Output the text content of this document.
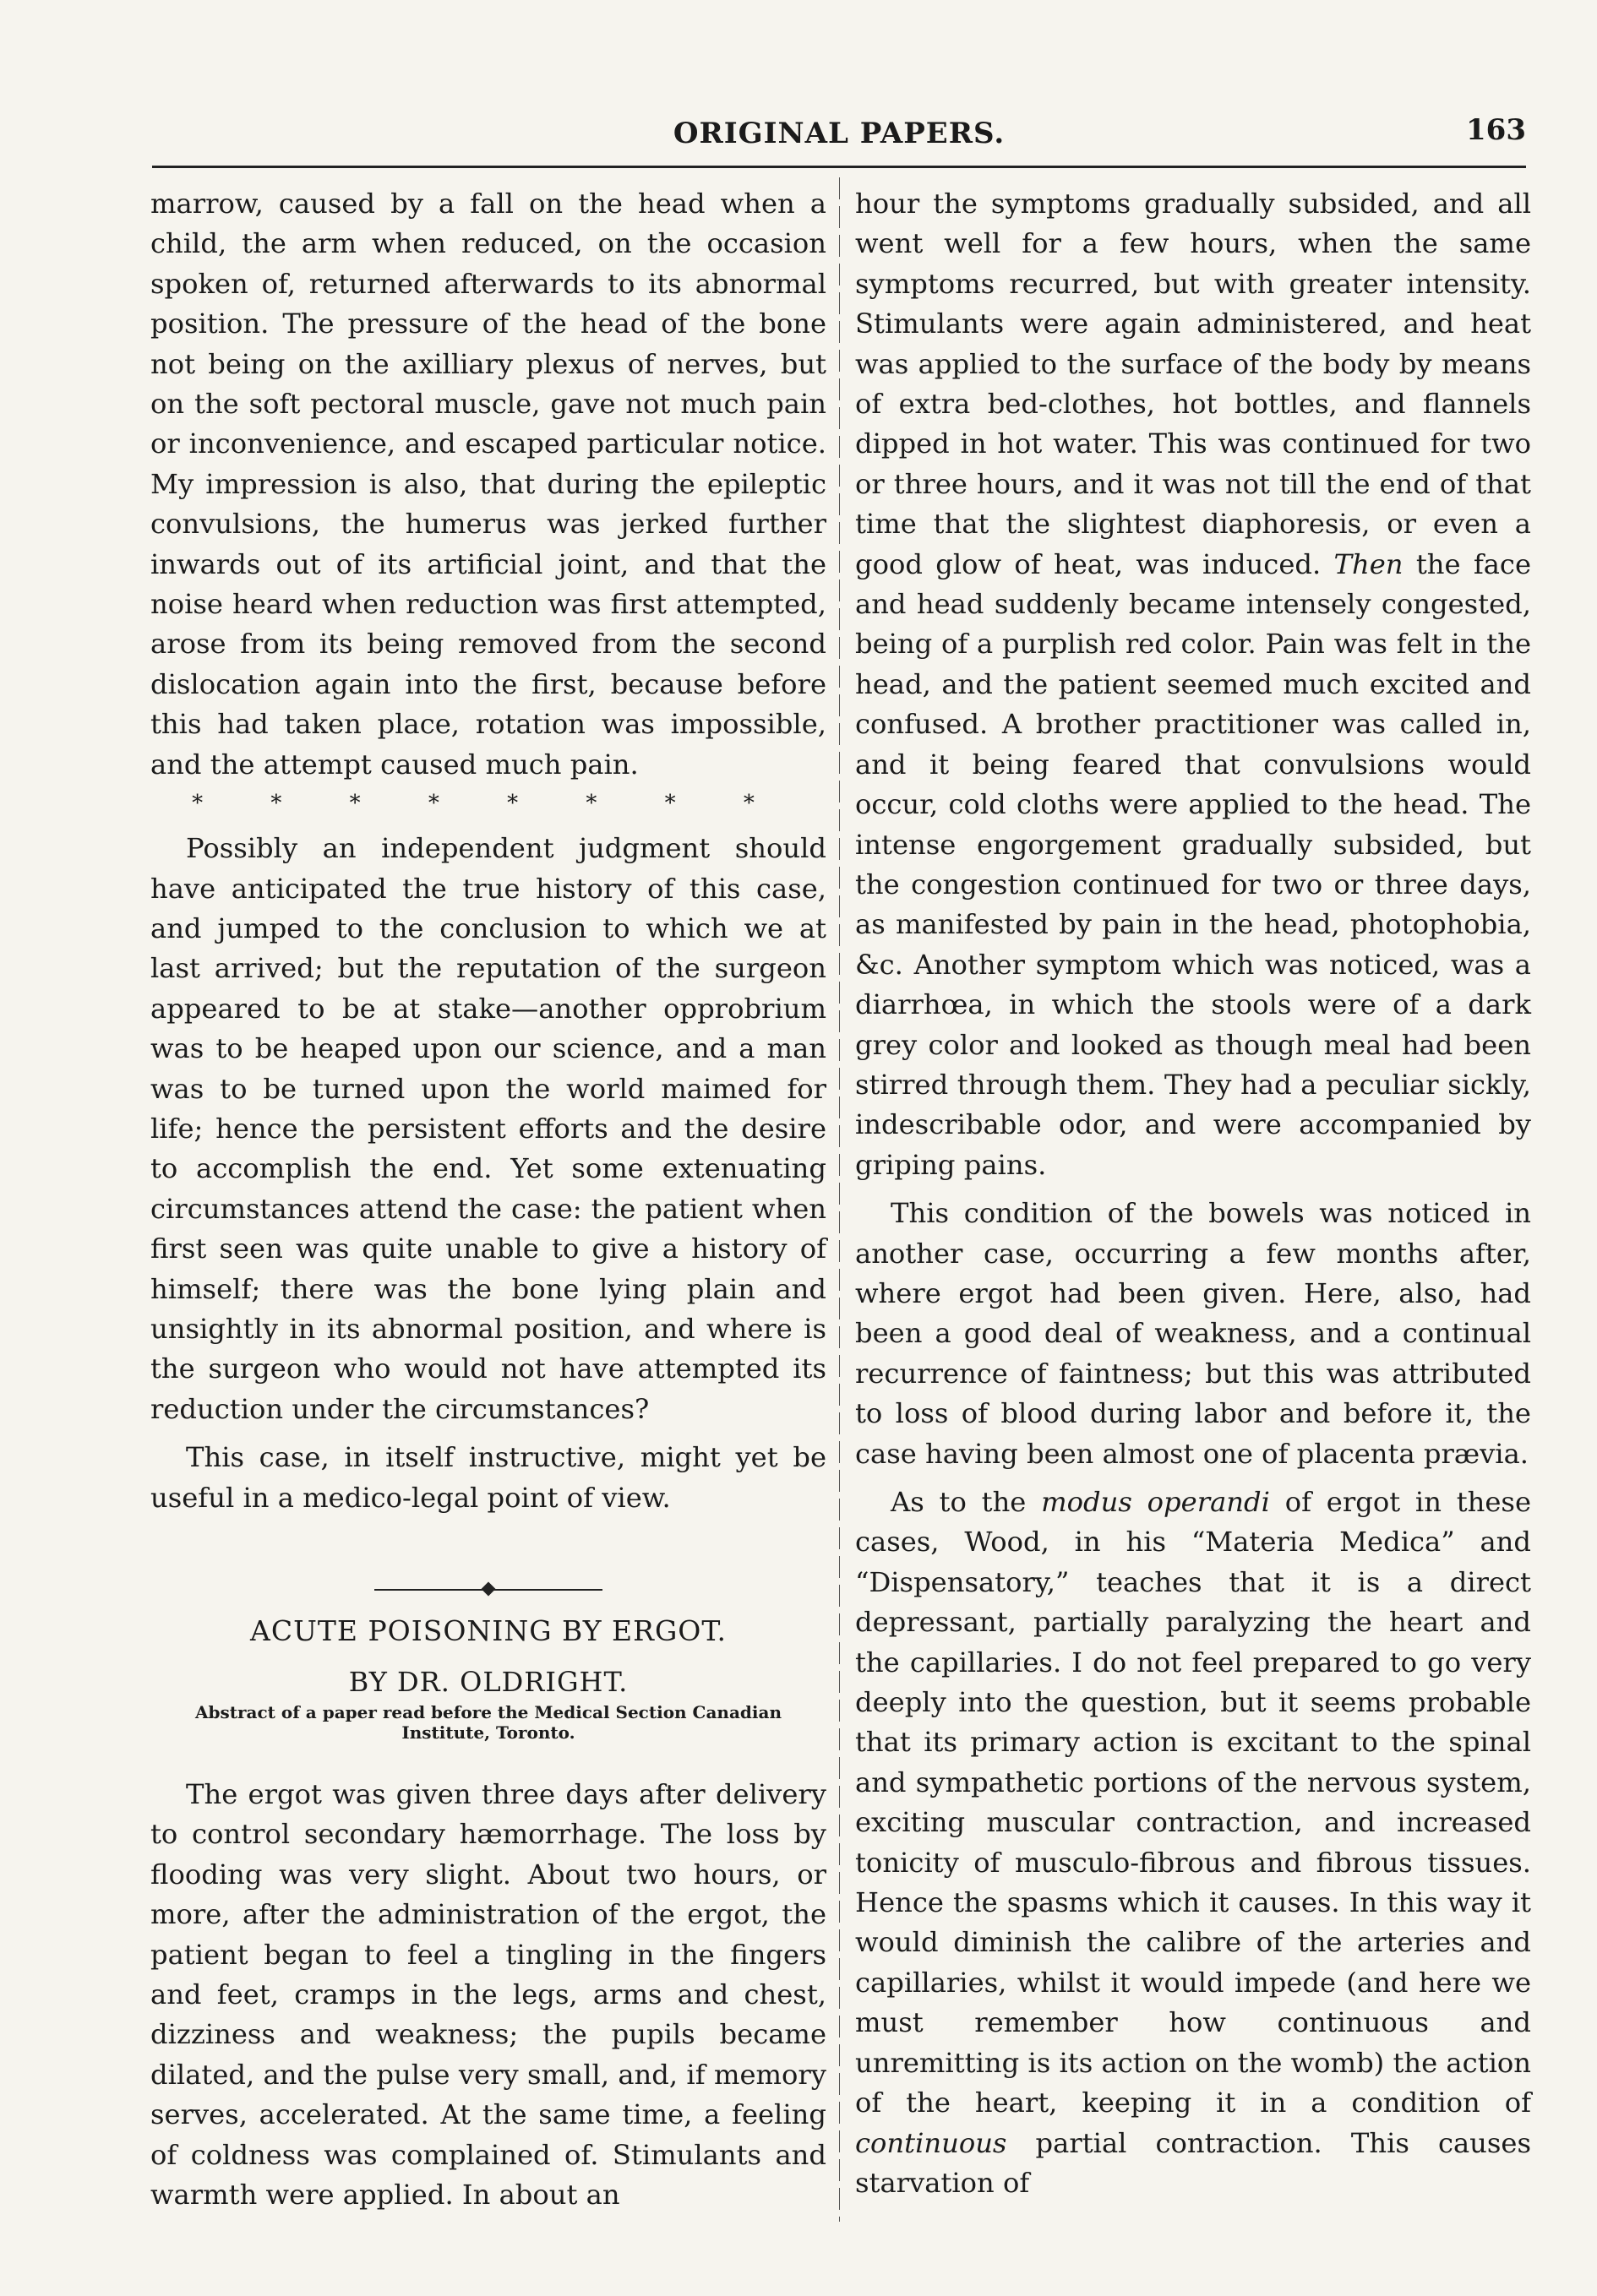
ORIGINAL PAPERS.	163

marrow, caused by a fall on the head when a child, the arm when reduced, on the occasion spoken of, returned afterwards to its abnormal position. The pressure of the head of the bone not being on the axilliary plexus of nerves, but on the soft pectoral muscle, gave not much pain or inconvenience, and escaped particular notice. My impression is also, that during the epileptic convulsions, the humerus was jerked further inwards out of its artificial joint, and that the noise heard when reduction was first attempted, arose from its being removed from the second dislocation again into the first, because before this had taken place, rotation was impossible, and the attempt caused much pain.

* * * * * * * *

Possibly an independent judgment should have anticipated the true history of this case, and jumped to the conclusion to which we at last arrived; but the reputation of the surgeon appeared to be at stake—another opprobrium was to be heaped upon our science, and a man was to be turned upon the world maimed for life; hence the persistent efforts and the desire to accomplish the end. Yet some extenuating circumstances attend the case: the patient when first seen was quite unable to give a history of himself; there was the bone lying plain and unsightly in its abnormal position, and where is the surgeon who would not have attempted its reduction under the circumstances?

This case, in itself instructive, might yet be useful in a medico-legal point of view.

ACUTE POISONING BY ERGOT.

BY DR. OLDRIGHT.

Abstract of a paper read before the Medical Section Canadian Institute, Toronto.

The ergot was given three days after delivery to control secondary hæmorrhage. The loss by flooding was very slight. About two hours, or more, after the administration of the ergot, the patient began to feel a tingling in the fingers and feet, cramps in the legs, arms and chest, dizziness and weakness; the pupils became dilated, and the pulse very small, and, if memory serves, accelerated. At the same time, a feeling of coldness was complained of. Stimulants and warmth were applied. In about an

hour the symptoms gradually subsided, and all went well for a few hours, when the same symptoms recurred, but with greater intensity. Stimulants were again administered, and heat was applied to the surface of the body by means of extra bed-clothes, hot bottles, and flannels dipped in hot water. This was continued for two or three hours, and it was not till the end of that time that the slightest diaphoresis, or even a good glow of heat, was induced. Then the face and head suddenly became intensely congested, being of a purplish red color. Pain was felt in the head, and the patient seemed much excited and confused. A brother practitioner was called in, and it being feared that convulsions would occur, cold cloths were applied to the head. The intense engorgement gradually subsided, but the congestion continued for two or three days, as manifested by pain in the head, photophobia, &c. Another symptom which was noticed, was a diarrhœa, in which the stools were of a dark grey color and looked as though meal had been stirred through them. They had a peculiar sickly, indescribable odor, and were accompanied by griping pains.

This condition of the bowels was noticed in another case, occurring a few months after, where ergot had been given. Here, also, had been a good deal of weakness, and a continual recurrence of faintness; but this was attributed to loss of blood during labor and before it, the case having been almost one of placenta prævia.

As to the modus operandi of ergot in these cases, Wood, in his “Materia Medica” and “Dispensatory,” teaches that it is a direct depressant, partially paralyzing the heart and the capillaries. I do not feel prepared to go very deeply into the question, but it seems probable that its primary action is excitant to the spinal and sympathetic portions of the nervous system, exciting muscular contraction, and increased tonicity of musculo-fibrous and fibrous tissues. Hence the spasms which it causes. In this way it would diminish the calibre of the arteries and capillaries, whilst it would impede (and here we must remember how continuous and unremitting is its action on the womb) the action of the heart, keeping it in a condition of continuous partial contraction. This causes starvation of
